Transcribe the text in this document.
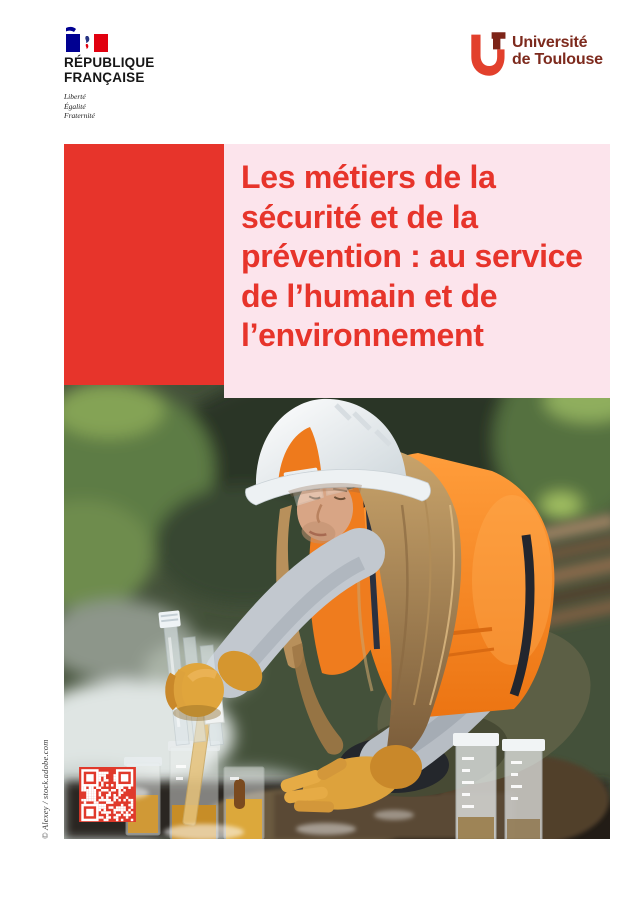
RÉPUBLIQUE
FRANÇAISE
Liberté
Égalité
Fraternité
Université
de Toulouse
Les métiers de la
sécurité et de la
prévention : au service
de l’humain et de
l’environnement
© Alexey / stock.adobe.com
